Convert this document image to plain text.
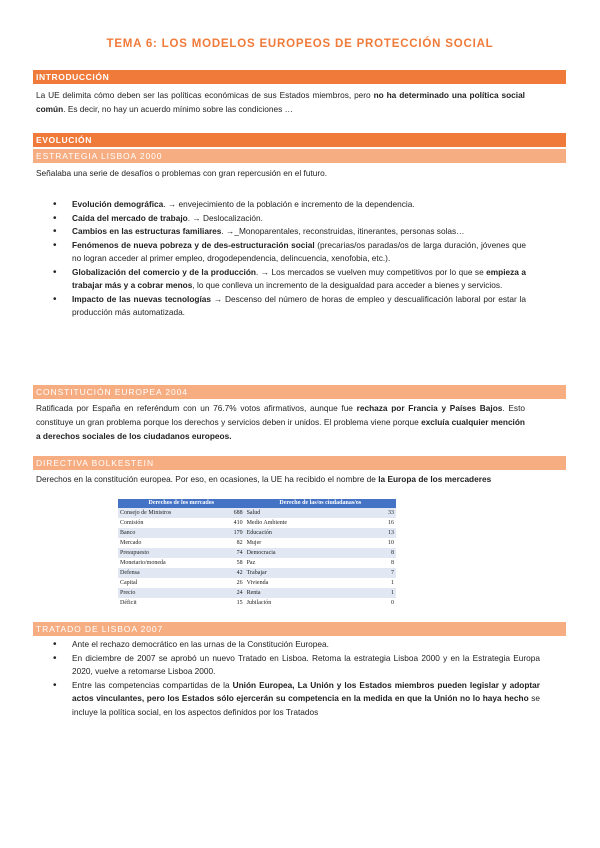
TEMA 6: LOS MODELOS EUROPEOS DE PROTECCIÓN SOCIAL
INTRODUCCIÓN

La UE delimita cómo deben ser las políticas económicas de sus Estados miembros, pero no ha determinado una política social común. Es decir, no hay un acuerdo mínimo sobre las condiciones …

EVOLUCIÓN
ESTRATEGIA LISBOA 2000

Señalaba una serie de desafíos o problemas con gran repercusión en el futuro.

• Evolución demográfica. → envejecimiento de la población e incremento de la dependencia.
• Caída del mercado de trabajo. → Deslocalización.
• Cambios en las estructuras familiares. →_Monoparentales, reconstruidas, itinerantes, personas solas…
• Fenómenos de nueva pobreza y de des-estructuración social (precarias/os paradas/os de larga duración, jóvenes que no logran acceder al primer empleo, drogodependencia, delincuencia, xenofobia, etc.).
• Globalización del comercio y de la producción. → Los mercados se vuelven muy competitivos por lo que se empieza a trabajar más y a cobrar menos, lo que conlleva un incremento de la desigualdad para acceder a bienes y servicios.
• Impacto de las nuevas tecnologías → Descenso del número de horas de empleo y descualificación laboral por estar la producción más automatizada.
CONSTITUCIÓN EUROPEA 2004

Ratificada por España en referéndum con un 76.7% votos afirmativos, aunque fue rechaza por Francia y Países Bajos. Esto constituye un gran problema porque los derechos y servicios deben ir unidos. El problema viene porque excluía cualquier mención a derechos sociales de los ciudadanos europeos.

DIRECTIVA BOLKESTEIN

Derechos en la constitución europea. Por eso, en ocasiones, la UE ha recibido el nombre de la Europa de los mercaderes

Derechos de los mercados		Derecho de las/os ciudadanas/os	
Consejo de Ministros	688	Salud	33
Comisión	410	Medio Ambiente	16
Banco	179	Educación	13
Mercado	82	Mujer	10
Presupuesto	74	Democracia	8
Monetario/moneda	58	Paz	8
Defensa	42	Trabajar	7
Capital	26	Vivienda	1
Precio	24	Renta	1
Déficit	15	Jubilación	0
TRATADO DE LISBOA 2007
• Ante el rechazo democrático en las urnas de la Constitución Europea.
• En diciembre de 2007 se aprobó un nuevo Tratado en Lisboa. Retoma la estrategia Lisboa 2000 y en la Estrategia Europa 2020, vuelve a retomarse Lisboa 2000.
• Entre las competencias compartidas de la Unión Europea, La Unión y los Estados miembros pueden legislar y adoptar actos vinculantes, pero los Estados sólo ejercerán su competencia en la medida en que la Unión no lo haya hecho se incluye la política social, en los aspectos definidos por los Tratados
